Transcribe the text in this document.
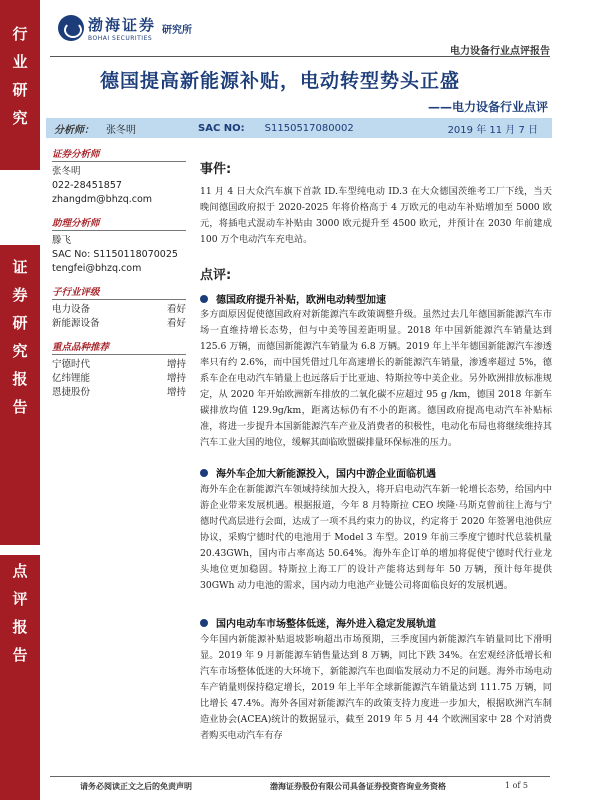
行
业
研
究
证
券
研
究
报
告
点
评
报
告
渤海证券
BOHAI SECURITIES
研究所
电力设备行业点评报告
德国提高新能源补贴，电动转型势头正盛
——电力设备行业点评
分析师： 张冬明	SAC NO: S1150517080002	2019 年 11 月 7 日
证券分析师
张冬明
022-28451857
zhangdm@bhzq.com
助理分析师
滕飞
SAC No: S1150118070025
tengfei@bhzq.com
子行业评级
电力设备	看好
新能源设备	看好
重点品种推荐
宁德时代	增持
亿纬锂能	增持
恩捷股份	增持
事件:
11 月 4 日大众汽车旗下首款 ID.车型纯电动 ID.3 在大众德国茨维考工厂下线，当天晚间德国政府拟于 2020-2025 年将价格高于 4 万欧元的电动车补贴增加至 5000 欧元，将插电式混动车补贴由 3000 欧元提升至 4500 欧元，并预计在 2030 年前建成 100 万个电动汽车充电站。
点评:
德国政府提升补贴，欧洲电动转型加速
多方面原因促使德国政府对新能源汽车政策调整升级。虽然过去几年德国新能源汽车市场一直维持增长态势，但与中美等国差距明显。2018 年中国新能源汽车销量达到 125.6 万辆，而德国新能源汽车销量为 6.8 万辆。2019 年上半年德国新能源汽车渗透率只有约 2.6%，而中国凭借过几年高速增长的新能源汽车销量，渗透率超过 5%，德系车企在电动汽车销量上也远落后于比亚迪、特斯拉等中美企业。另外欧洲排放标准规定，从 2020 年开始欧洲新车排放的二氧化碳不应超过 95 g /km，德国 2018 年新车碳排放均值 129.9g/km，距离达标仍有不小的距离。德国政府提高电动汽车补贴标准，将进一步提升本国新能源汽车产业及消费者的积极性，电动化布局也将继续维持其汽车工业大国的地位，缓解其面临欧盟碳排量环保标准的压力。
海外车企加大新能源投入，国内中游企业面临机遇
海外车企在新能源汽车领域持续加大投入，将开启电动汽车新一轮增长态势，给国内中游企业带来发展机遇。根据报道，今年 8 月特斯拉 CEO 埃隆·马斯克曾前往上海与宁德时代高层进行会面，达成了一项不具约束力的协议，约定将于 2020 年签署电池供应协议，采购宁德时代的电池用于 Model 3 车型。2019 年前三季度宁德时代总装机量 20.43GWh，国内市占率高达 50.64%。海外车企订单的增加将促使宁德时代行业龙头地位更加稳固。特斯拉上海工厂的设计产能将达到每年 50 万辆，预计每年提供 30GWh 动力电池的需求，国内动力电池产业链公司将面临良好的发展机遇。
国内电动车市场整体低迷，海外进入稳定发展轨道
今年国内新能源补贴退坡影响超出市场预期，三季度国内新能源汽车销量同比下滑明显。2019 年 9 月新能源车销售量达到 8 万辆，同比下跌 34%。在宏观经济低增长和汽车市场整体低迷的大环境下，新能源汽车也面临发展动力不足的问题。海外市场电动车产销量则保持稳定增长，2019 年上半年全球新能源汽车销量达到 111.75 万辆，同比增长 47.4%。海外各国对新能源汽车的政策支持力度进一步加大，根据欧洲汽车制造业协会(ACEA)统计的数据显示，截至 2019 年 5 月 44 个欧洲国家中 28 个对消费者购买电动汽车有存
请务必阅读正文之后的免责声明	渤海证券股份有限公司具备证券投资咨询业务资格	1 of 5
